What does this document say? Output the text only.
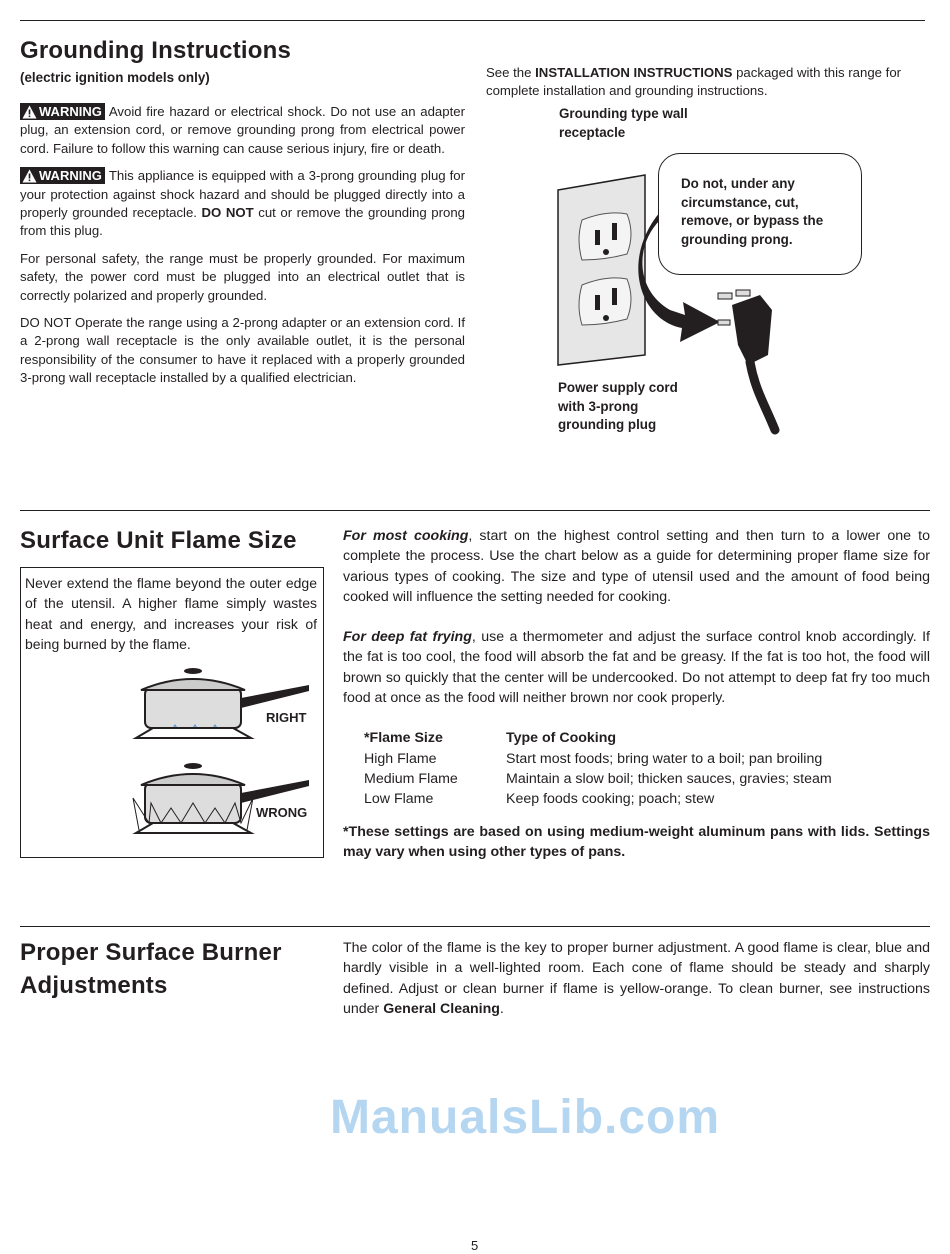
Grounding Instructions
(electric ignition models only)

WARNING Avoid fire hazard or electrical shock. Do not use an adapter plug, an extension cord, or remove grounding prong from electrical power cord. Failure to follow this warning can cause serious injury, fire or death.

WARNING This appliance is equipped with a 3-prong grounding plug for your protection against shock hazard and should be plugged directly into a properly grounded receptacle. DO NOT cut or remove the grounding prong from this plug.

For personal safety, the range must be properly grounded. For maximum safety, the power cord must be plugged into an electrical outlet that is correctly polarized and properly grounded.

DO NOT Operate the range using a 2-prong adapter or an extension cord. If a 2-prong wall receptacle is the only available outlet, it is the personal responsibility of the consumer to have it replaced with a properly grounded 3-prong wall receptacle installed by a qualified electrician.

See the INSTALLATION INSTRUCTIONS packaged with this range for complete installation and grounding instructions.

Grounding type wall receptacle
Do not, under any circumstance, cut, remove, or bypass the grounding prong.
Power supply cord with 3-prong grounding plug
Surface Unit Flame Size

Never extend the flame beyond the outer edge of the utensil. A higher flame simply wastes heat and energy, and increases your risk of being burned by the flame.

RIGHT
WRONG

For most cooking, start on the highest control setting and then turn to a lower one to complete the process. Use the chart below as a guide for determining proper flame size for various types of cooking. The size and type of utensil used and the amount of food being cooked will influence the setting needed for cooking.

For deep fat frying, use a thermometer and adjust the surface control knob accordingly. If the fat is too cool, the food will absorb the fat and be greasy. If the fat is too hot, the food will brown so quickly that the center will be undercooked. Do not attempt to deep fat fry too much food at once as the food will neither brown nor cook properly.

*Flame Size	Type of Cooking
High Flame	Start most foods; bring water to a boil; pan broiling
Medium Flame	Maintain a slow boil; thicken sauces, gravies; steam
Low Flame	Keep foods cooking; poach; stew

*These settings are based on using medium-weight aluminum pans with lids. Settings may vary when using other types of pans.

Proper Surface Burner
Adjustments

The color of the flame is the key to proper burner adjustment. A good flame is clear, blue and hardly visible in a well-lighted room. Each cone of flame should be steady and sharply defined. Adjust or clean burner if flame is yellow-orange. To clean burner, see instructions under General Cleaning.

ManualsLib.com
5
